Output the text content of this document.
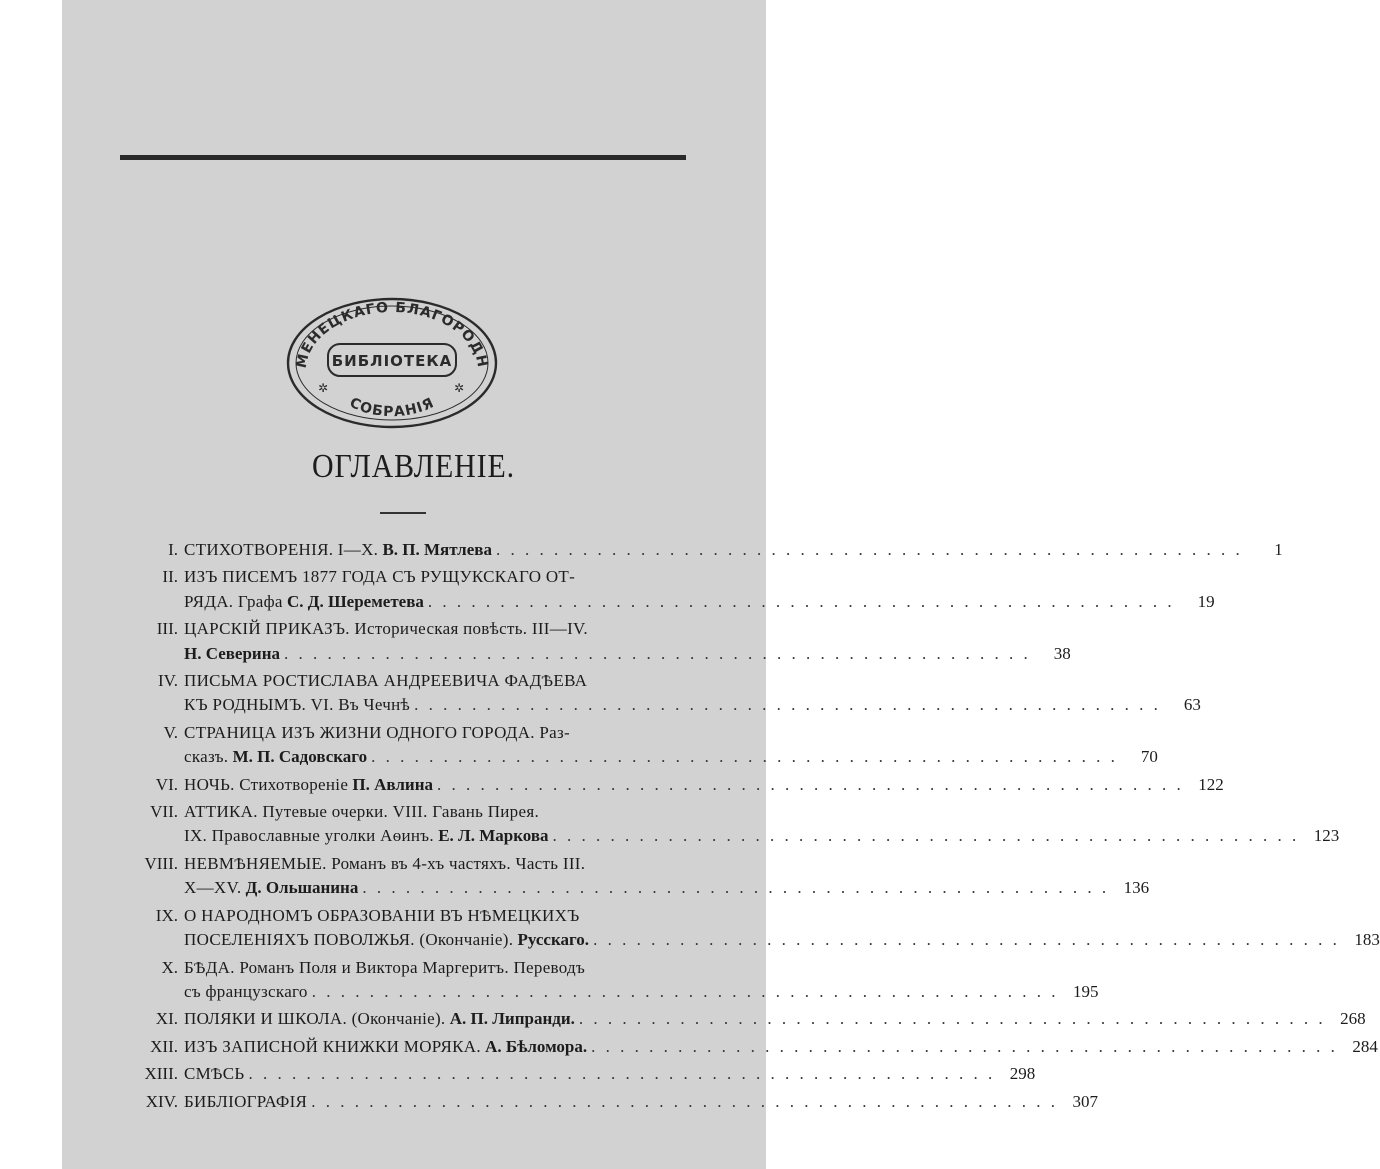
МЕНЕЦКАГО БЛАГОРОДН
БИБЛІОТЕКА
СОБРАНІЯ
✲	✲
ОГЛАВЛЕНІЕ.
I. СТИХОТВОРЕНІЯ. I—X. В. П. Мятлева . . .	1
II. ИЗЪ ПИСЕМЪ 1877 ГОДА СЪ РУЩУКСКАГО ОТ-
РЯДА. Графа С. Д. Шереметева . . .	19
III. ЦАРСКІЙ ПРИКАЗЪ. Историческая повѣсть. III—IV.
Н. Северина . . .	38
IV. ПИСЬМА РОСТИСЛАВА АНДРЕЕВИЧА ФАДѢЕВА
КЪ РОДНЫМЪ. VI. Въ Чечнѣ . . .	63
V. СТРАНИЦА ИЗЪ ЖИЗНИ ОДНОГО ГОРОДА. Раз-
сказъ. М. П. Садовскаго . . .	70
VI. НОЧЬ. Стихотвореніе П. Авлина . . .	122
VII. АТТИКА. Путевые очерки. VIII. Гавань Пирея.
IX. Православные уголки Аѳинъ. Е. Л. Маркова . . .	123
VIII. НЕВМѢНЯЕМЫЕ. Романъ въ 4-хъ частяхъ. Часть III.
X—XV. Д. Ольшанина . . .	136
IX. О НАРОДНОМЪ ОБРАЗОВАНІИ ВЪ НѢМЕЦКИХЪ
ПОСЕЛЕНІЯХЪ ПОВОЛЖЬЯ. (Окончаніе). Русскаго. . . .	183
X. БѢДА. Романъ Поля и Виктора Маргеритъ. Переводъ
съ французскаго . . .	195
XI. ПОЛЯКИ И ШКОЛА. (Окончаніе). А. П. Липранди. . . .	268
XII. ИЗЪ ЗАПИСНОЙ КНИЖКИ МОРЯКА. А. Бѣломора. . . .	284
XIII. СМѢСЬ . . .	298
XIV. БИБЛІОГРАФІЯ . . .	307
